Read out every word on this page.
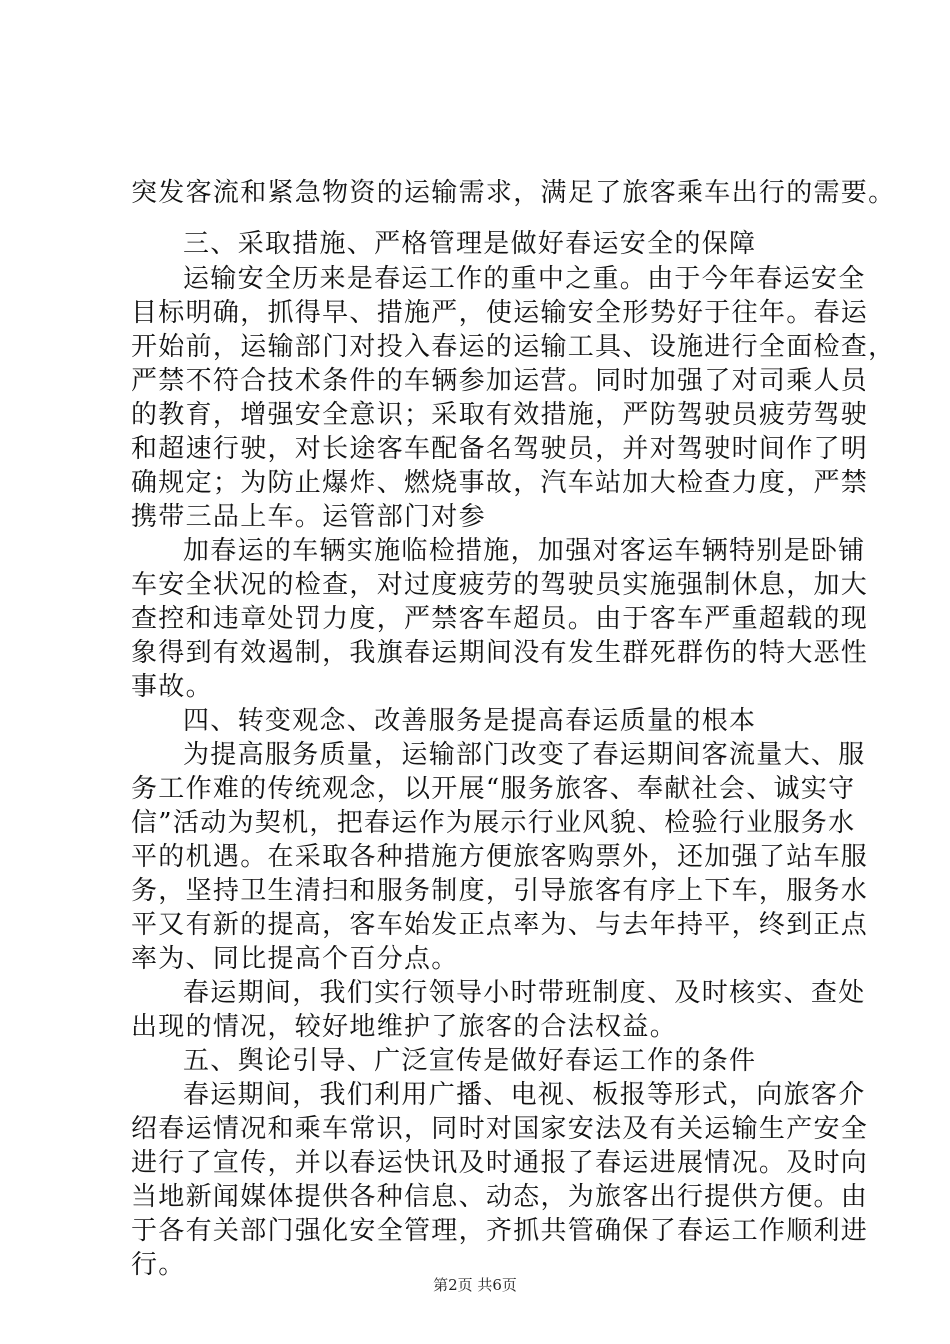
突发客流和紧急物资的运输需求，满足了旅客乘车出行的需要。
三、采取措施、严格管理是做好春运安全的保障
运输安全历来是春运工作的重中之重。由于今年春运安全
目标明确，抓得早、措施严，使运输安全形势好于往年。春运
开始前，运输部门对投入春运的运输工具、设施进行全面检查，
严禁不符合技术条件的车辆参加运营。同时加强了对司乘人员
的教育，增强安全意识；采取有效措施，严防驾驶员疲劳驾驶
和超速行驶，对长途客车配备名驾驶员，并对驾驶时间作了明
确规定；为防止爆炸、燃烧事故，汽车站加大检查力度，严禁
携带三品上车。运管部门对参
加春运的车辆实施临检措施，加强对客运车辆特别是卧铺
车安全状况的检查，对过度疲劳的驾驶员实施强制休息，加大
查控和违章处罚力度，严禁客车超员。由于客车严重超载的现
象得到有效遏制，我旗春运期间没有发生群死群伤的特大恶性
事故。
四、转变观念、改善服务是提高春运质量的根本
为提高服务质量，运输部门改变了春运期间客流量大、服
务工作难的传统观念，以开展“服务旅客、奉献社会、诚实守
信”活动为契机，把春运作为展示行业风貌、检验行业服务水
平的机遇。在采取各种措施方便旅客购票外，还加强了站车服
务，坚持卫生清扫和服务制度，引导旅客有序上下车，服务水
平又有新的提高，客车始发正点率为、与去年持平，终到正点
率为、同比提高个百分点。
春运期间，我们实行领导小时带班制度、及时核实、查处
出现的情况，较好地维护了旅客的合法权益。
五、舆论引导、广泛宣传是做好春运工作的条件
春运期间，我们利用广播、电视、板报等形式，向旅客介
绍春运情况和乘车常识，同时对国家安法及有关运输生产安全
进行了宣传，并以春运快讯及时通报了春运进展情况。及时向
当地新闻媒体提供各种信息、动态，为旅客出行提供方便。由
于各有关部门强化安全管理，齐抓共管确保了春运工作顺利进
行。
第2页 共6页
